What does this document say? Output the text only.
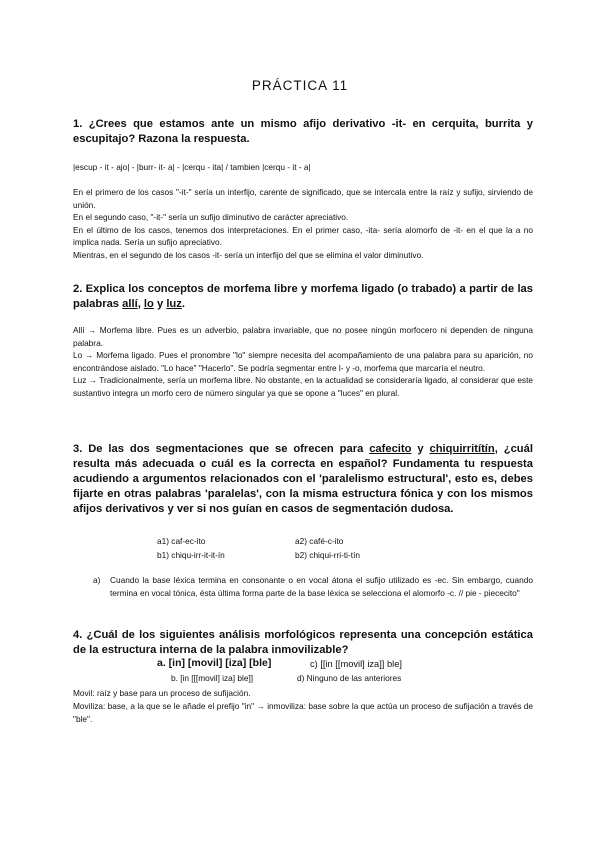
PRÁCTICA 11
1. ¿Crees que estamos ante un mismo afijo derivativo -it- en cerquita, burrita y escupitajo? Razona la respuesta.
|escup - it - ajo| - |burr- it- a| - |cerqu - ita| / tambien |cerqu - it - a|
En el primero de los casos "-it-" sería un interfijo, carente de significado, que se intercala entre la raíz y sufijo, sirviendo de unión.
En el segundo caso, "-it-" sería un sufijo diminutivo de carácter apreciativo.
En el último de los casos, tenemos dos interpretaciones. En el primer caso, -ita- sería alomorfo de -it- en el que la a no implica nada. Sería un sufijo apreciativo.
Mientras, en el segundo de los casos -it- sería un interfijo del que se elimina el valor diminutivo.
2. Explica los conceptos de morfema libre y morfema ligado (o trabado) a partir de las palabras allí, lo y luz.
Allí → Morfema libre. Pues es un adverbio, palabra invariable, que no posee ningún morfocero ni dependen de ninguna palabra.
Lo → Morfema ligado. Pues el pronombre "lo" siempre necesita del acompañamiento de una palabra para su aparición, no encontrándose aislado. "Lo hace" "Hacerlo". Se podría segmentar entre l- y -o, morfema que marcaría el neutro.
Luz → Tradicionalmente, sería un morfema libre. No obstante, en la actualidad se consideraría ligado, al considerar que este sustantivo integra un morfo cero de número singular ya que se opone a "luces" en plural.
3. De las dos segmentaciones que se ofrecen para cafecito y chiquirritítín, ¿cuál resulta más adecuada o cuál es la correcta en español? Fundamenta tu respuesta acudiendo a argumentos relacionados con el 'paralelismo estructural', esto es, debes fijarte en otras palabras 'paralelas', con la misma estructura fónica y con los mismos afijos derivativos y ver si nos guían en casos de segmentación dudosa.
a1) caf-ec-ito	a2) café-c-ito
b1) chiqu-irr-it-it-ín	b2) chiqui-rri-ti-tín
a) Cuando la base léxica termina en consonante o en vocal átona el sufijo utilizado es -ec. Sin embargo, cuando termina en vocal tónica, ésta última forma parte de la base léxica se selecciona el alomorfo -c. // pie - piececito"
4. ¿Cuál de los siguientes análisis morfológicos representa una concepción estática de la estructura interna de la palabra inmovilizable?
a. [in] [movil] [iza] [ble]	c) [[in [[movil] iza]] ble]
b. [in [[[movil] iza] ble]]	d) Ninguno de las anteriores
Movil: raíz y base para un proceso de sufijación.
Moviliza: base, a la que se le añade el prefijo "in" → inmoviliza: base sobre la que actúa un proceso de sufijación a través de "ble".
